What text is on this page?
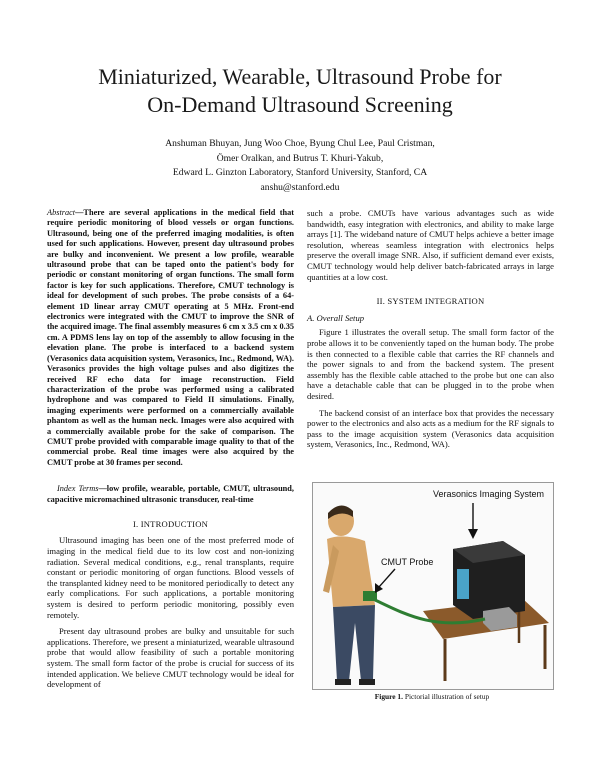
Miniaturized, Wearable, Ultrasound Probe for
On-Demand Ultrasound Screening
Anshuman Bhuyan, Jung Woo Choe, Byung Chul Lee, Paul Cristman,
Ömer Oralkan, and Butrus T. Khuri-Yakub,
Edward L. Ginzton Laboratory, Stanford University, Stanford, CA
anshu@stanford.edu
Abstract—There are several applications in the medical field that require periodic monitoring of blood vessels or organ functions. Ultrasound, being one of the preferred imaging modalities, is often used for such applications. However, present day ultrasound probes are bulky and inconvenient. We present a low profile, wearable ultrasound probe that can be taped onto the patient's body for periodic or constant monitoring of organ functions. The small form factor is key for such applications. Therefore, CMUT technology is ideal for development of such probes. The probe consists of a 64-element 1D linear array CMUT operating at 5 MHz. Front-end electronics were integrated with the CMUT to improve the SNR of the acquired image. The final assembly measures 6 cm x 3.5 cm x 0.35 cm. A PDMS lens lay on top of the assembly to allow focusing in the elevation plane. The probe is interfaced to a backend system (Verasonics data acquisition system, Verasonics, Inc., Redmond, WA). Verasonics provides the high voltage pulses and also digitizes the received RF echo data for image reconstruction. Field characterization of the probe was performed using a calibrated hydrophone and was compared to Field II simulations. Finally, imaging experiments were performed on a commercially available phantom as well as the human neck. Images were also acquired with a commercially available probe for the sake of comparison. The CMUT probe provided with comparable image quality to that of the commercial probe. Real time images were also acquired by the CMUT probe at 30 frames per second.
Index Terms—low profile, wearable, portable, CMUT, ultrasound, capacitive micromachined ultrasonic transducer, real-time
I. INTRODUCTION

Ultrasound imaging has been one of the most preferred mode of imaging in the medical field due to its low cost and non-ionizing radiation. Several medical conditions, e.g., renal transplants, require constant or periodic monitoring of organ functions. Blood vessels of the transplanted kidney need to be monitored periodically to detect any early complications. For such applications, a portable monitoring system is desired to perform periodic monitoring, possibly even remotely.

Present day ultrasound probes are bulky and unsuitable for such applications. Therefore, we present a miniaturized, wearable ultrasound probe that would allow feasibility of such a portable monitoring system. The small form factor of the probe is crucial for success of its intended application. We believe CMUT technology would be ideal for development of

such a probe. CMUTs have various advantages such as wide bandwidth, easy integration with electronics, and ability to make large arrays [1]. The wideband nature of CMUT helps achieve a better image resolution, whereas seamless integration with electronics helps preserve the overall image SNR. Also, if sufficient demand ever exists, CMUT technology would help deliver batch-fabricated arrays in large quantities at a low cost.

II. SYSTEM INTEGRATION
A. Overall Setup

Figure 1 illustrates the overall setup. The small form factor of the probe allows it to be conveniently taped on the human body. The probe is then connected to a flexible cable that carries the RF channels and the power signals to and from the backend system. The present assembly has the flexible cable attached to the probe but one can also have a detachable cable that can be plugged in to the probe when desired.

The backend consist of an interface box that provides the necessary power to the electronics and also acts as a medium for the RF signals to pass to the image acquisition system (Verasonics data acquisition system, Verasonics, Inc., Redmond, WA).

Verasonics Imaging System
CMUT Probe
Figure 1. Pictorial illustration of setup
